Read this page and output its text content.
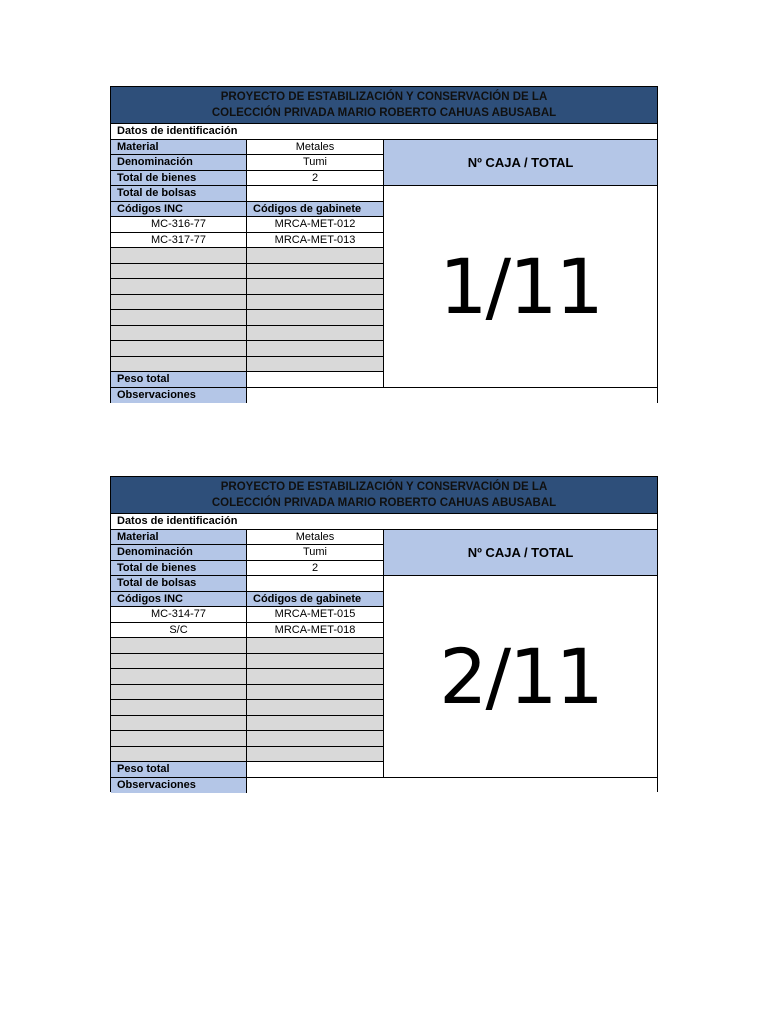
PROYECTO DE ESTABILIZACIÓN Y CONSERVACIÓN DE LA
COLECCIÓN PRIVADA MARIO ROBERTO CAHUAS ABUSABAL
Datos de identificación
Material	Metales
Denominación	Tumi
Total de bienes	2
Nº CAJA / TOTAL
Total de bolsas
Códigos INC	Códigos de gabinete
MC-316-77	MRCA-MET-012
MC-317-77	MRCA-MET-013
Peso total
1/11
Observaciones
PROYECTO DE ESTABILIZACIÓN Y CONSERVACIÓN DE LA
COLECCIÓN PRIVADA MARIO ROBERTO CAHUAS ABUSABAL
Datos de identificación
Material	Metales
Denominación	Tumi
Total de bienes	2
Nº CAJA / TOTAL
Total de bolsas
Códigos INC	Códigos de gabinete
MC-314-77	MRCA-MET-015
S/C	MRCA-MET-018
Peso total
2/11
Observaciones
